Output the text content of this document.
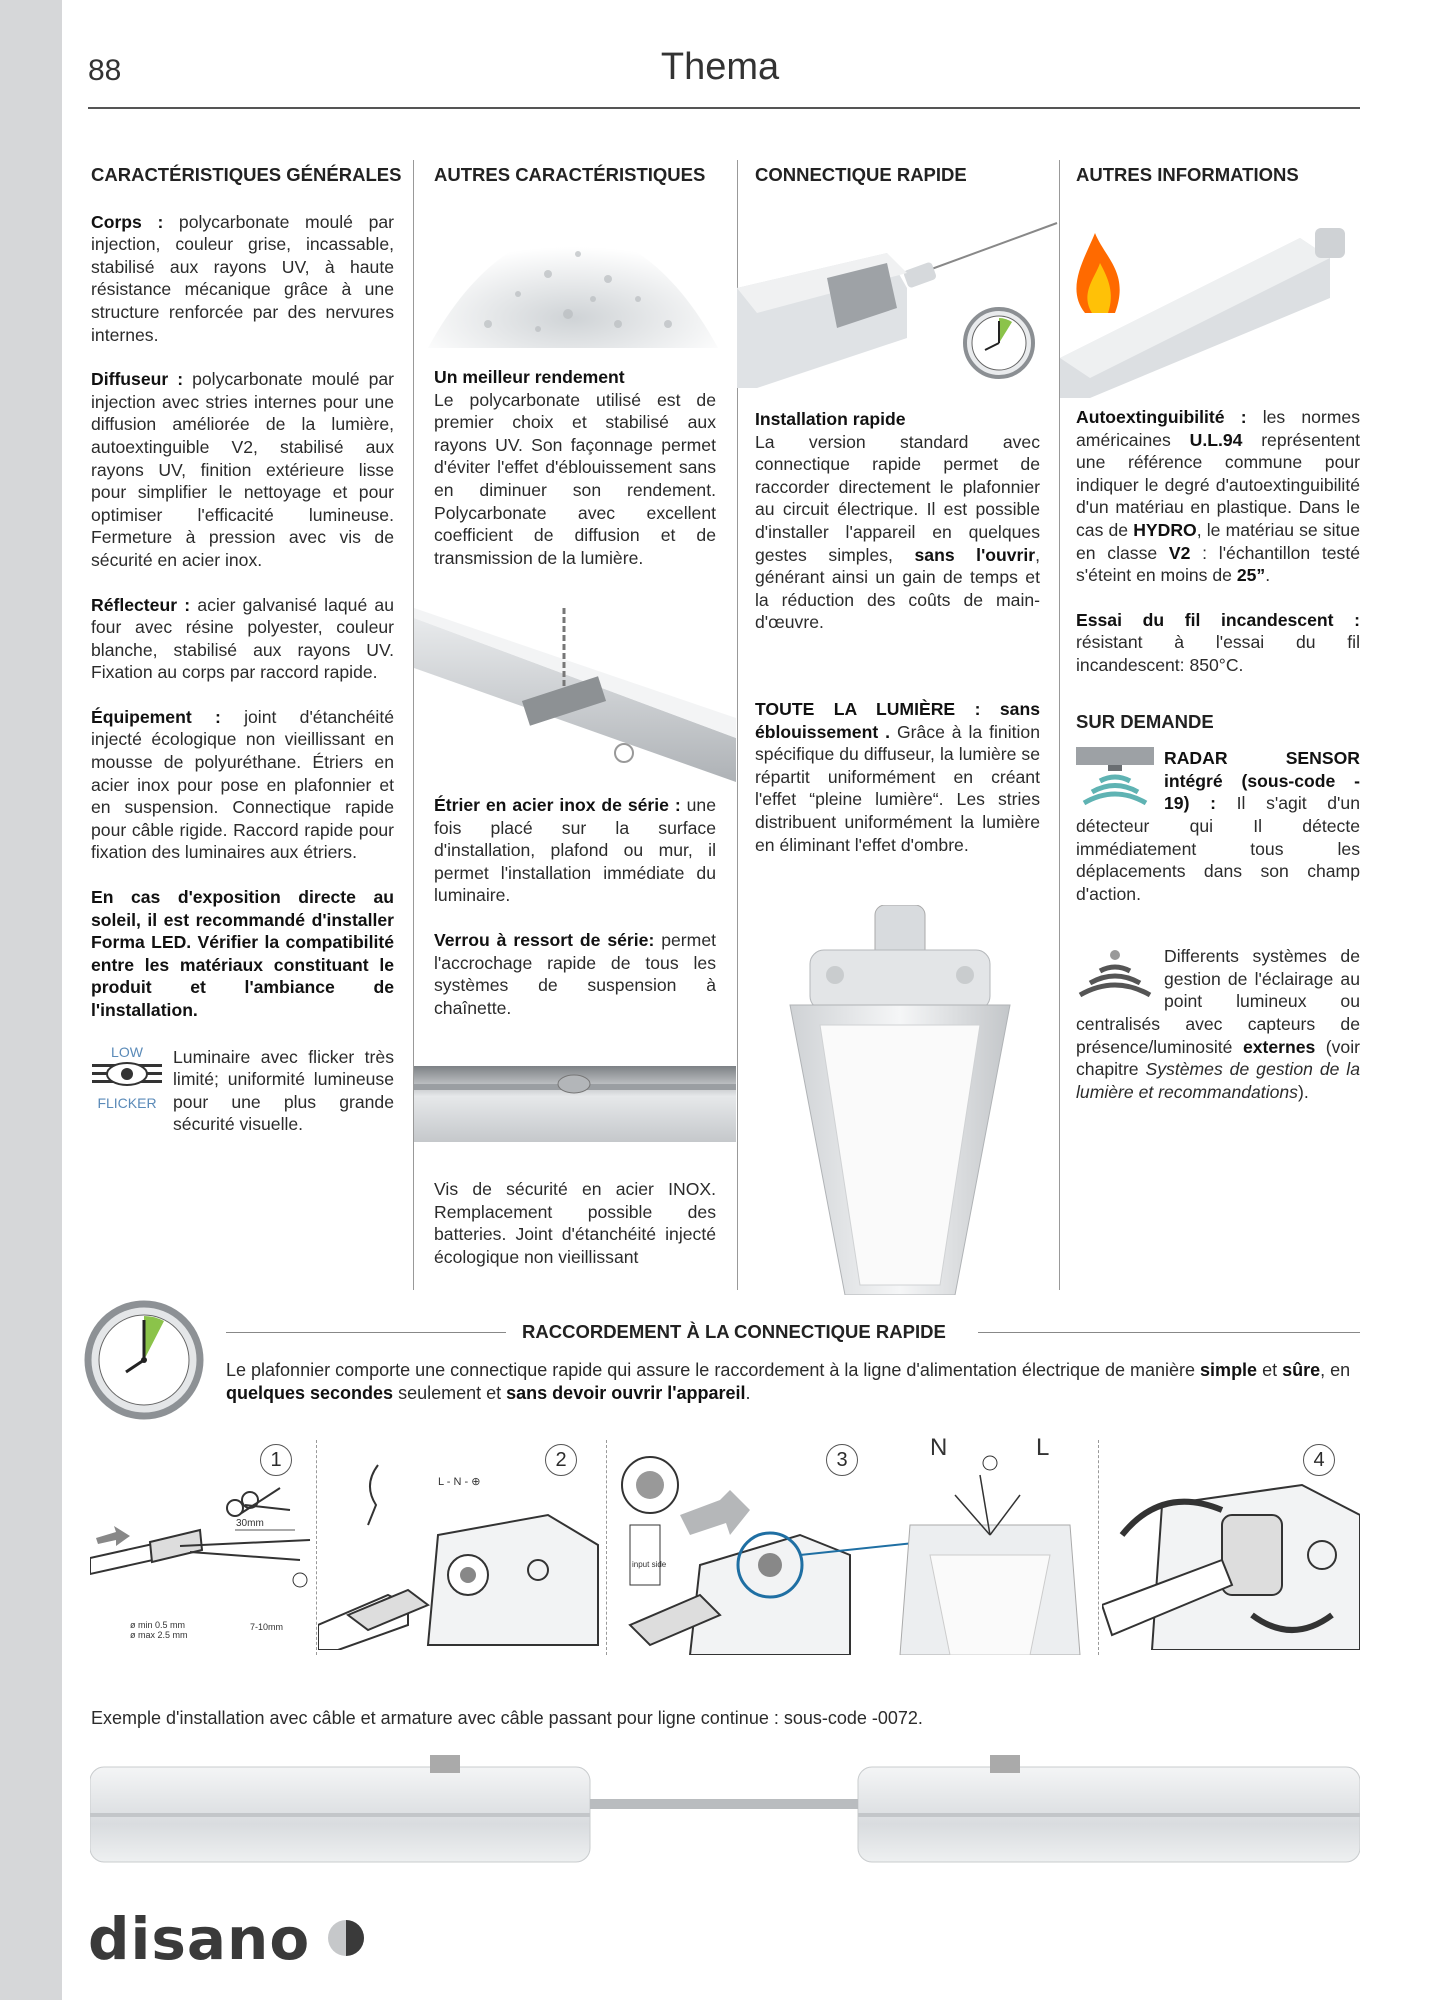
88	Thema
CARACTÉRISTIQUES GÉNÉRALES

Corps : polycarbonate moulé par injection, couleur grise, incassable, stabilisé aux rayons UV, à haute résistance mécanique grâce à une structure renforcée par des nervures internes.

Diffuseur : polycarbonate moulé par injection avec stries internes pour une diffusion améliorée de la lumière, autoextinguible V2, stabilisé aux rayons UV, finition extérieure lisse pour simplifier le nettoyage et pour optimiser l'efficacité lumineuse. Fermeture à pression avec vis de sécurité en acier inox.

Réflecteur : acier galvanisé laqué au four avec résine polyester, couleur blanche, stabilisé aux rayons UV. Fixation au corps par raccord rapide.

Équipement : joint d'étanchéité injecté écologique non vieillissant en mousse de polyuréthane. Étriers en acier inox pour pose en plafonnier et en suspension. Connectique rapide pour câble rigide. Raccord rapide pour fixation des luminaires aux étriers.

En cas d'exposition directe au soleil, il est recommandé d'installer Forma LED. Vérifier la compatibilité entre les matériaux constituant le produit et l'ambiance de l'installation.

LOW
FLICKER
Luminaire avec flicker très limité; uniformité lumineuse pour une plus grande sécurité visuelle.
AUTRES CARACTÉRISTIQUES

Un meilleur rendement
Le polycarbonate utilisé est de premier choix et stabilisé aux rayons UV. Son façonnage permet d'éviter l'effet d'éblouissement sans en diminuer son rendement. Polycarbonate avec excellent coefficient de diffusion et de transmission de la lumière.

Étrier en acier inox de série : une fois placé sur la surface d'installation, plafond ou mur, il permet l'installation immédiate du luminaire.

Verrou à ressort de série: permet l'accrochage rapide de tous les systèmes de suspension à chaînette.

Vis de sécurité en acier INOX. Remplacement possible des batteries. Joint d'étanchéité injecté écologique non vieillissant

CONNECTIQUE RAPIDE

Installation rapide
La version standard avec connectique rapide permet de raccorder directement le plafonnier au circuit électrique. Il est possible d'installer l'appareil en quelques gestes simples, sans l'ouvrir, générant ainsi un gain de temps et la réduction des coûts de main-d'œuvre.

TOUTE LA LUMIÈRE : sans éblouissement . Grâce à la finition spécifique du diffuseur, la lumière se répartit uniformément en créant l'effet “pleine lumière“. Les stries distribuent uniformément la lumière en éliminant l'effet d'ombre.

AUTRES INFORMATIONS

Autoextinguibilité : les normes américaines U.L.94 représentent une référence commune pour indiquer le degré d'autoextinguibilité d'un matériau en plastique. Dans le cas de HYDRO, le matériau se situe en classe V2 : l'échantillon testé s'éteint en moins de 25”.

Essai du fil incandescent : résistant à l'essai du fil incandescent: 850°C.

SUR DEMANDE

RADAR SENSOR intégré (sous-code - 19) : Il s'agit d'un détecteur qui Il détecte immédiatement tous les déplacements dans son champ d'action.

Differents systèmes de gestion de l'éclairage au point lumineux ou centralisés avec capteurs de présence/luminosité externes (voir chapitre Systèmes de gestion de la lumière et recommandations).

RACCORDEMENT À LA CONNECTIQUE RAPIDE
Le plafonnier comporte une connectique rapide qui assure le raccordement à la ligne d'alimentation électrique de manière simple et sûre, en quelques secondes seulement et sans devoir ouvrir l'appareil.
1	2	3	4
30mm
ø min 0.5 mm
ø max 2.5 mm
7-10mm
L - N - ⊕
input side
N	L
Exemple d'installation avec câble et armature avec câble passant pour ligne continue : sous-code -0072.
disano
